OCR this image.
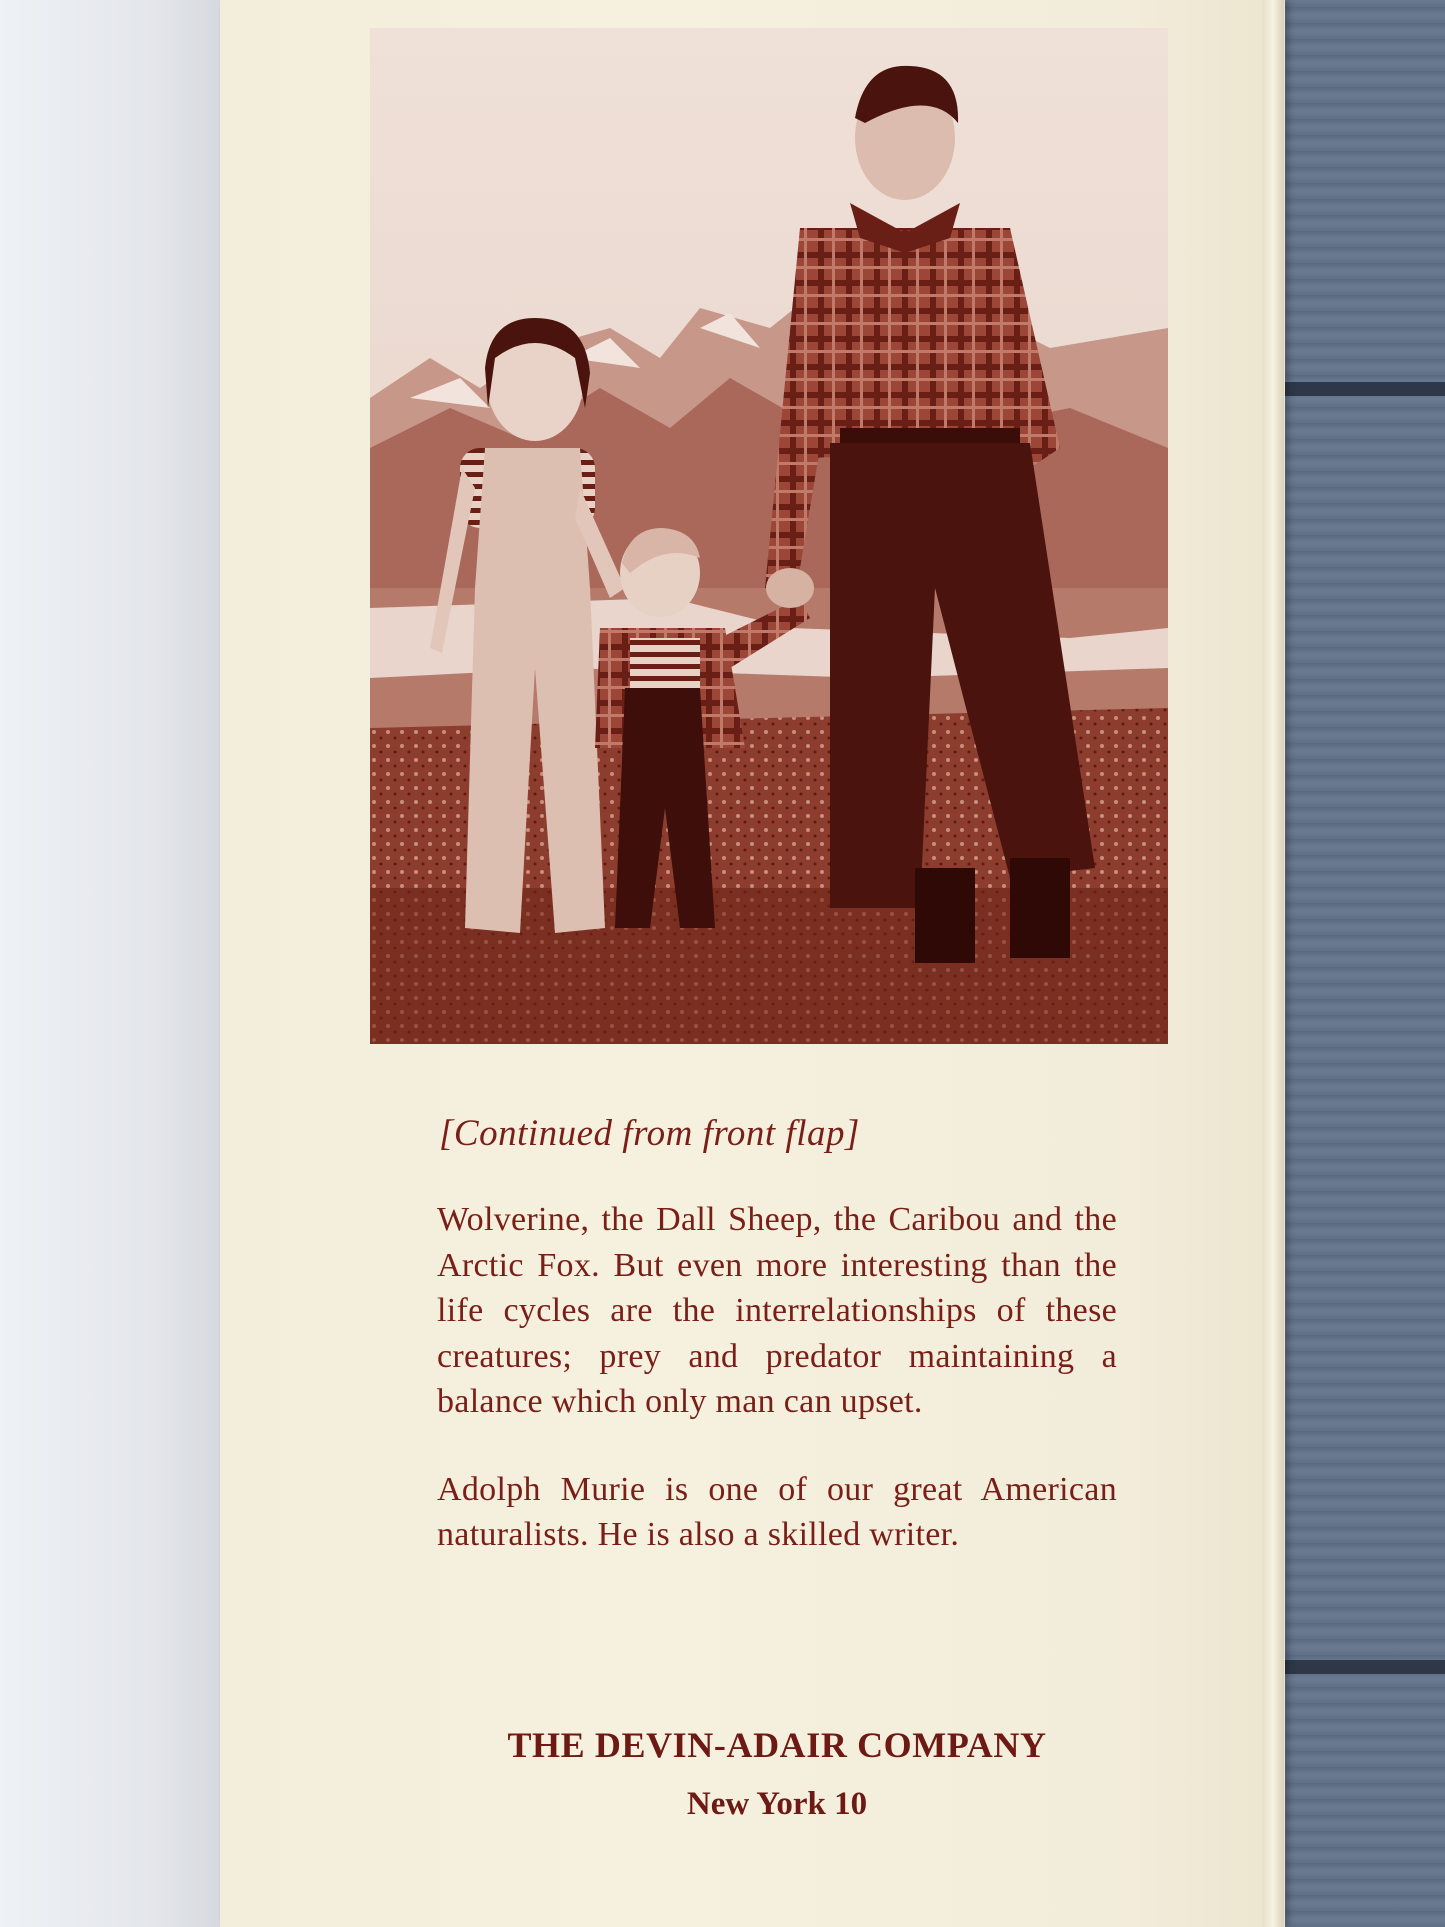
[Continued from front flap]

Wolverine, the Dall Sheep, the Caribou and the Arctic Fox. But even more interesting than the life cycles are the interrelationships of these creatures; prey and predator maintaining a balance which only man can upset.

Adolph Murie is one of our great American naturalists. He is also a skilled writer.

THE DEVIN-ADAIR COMPANY

New York 10
